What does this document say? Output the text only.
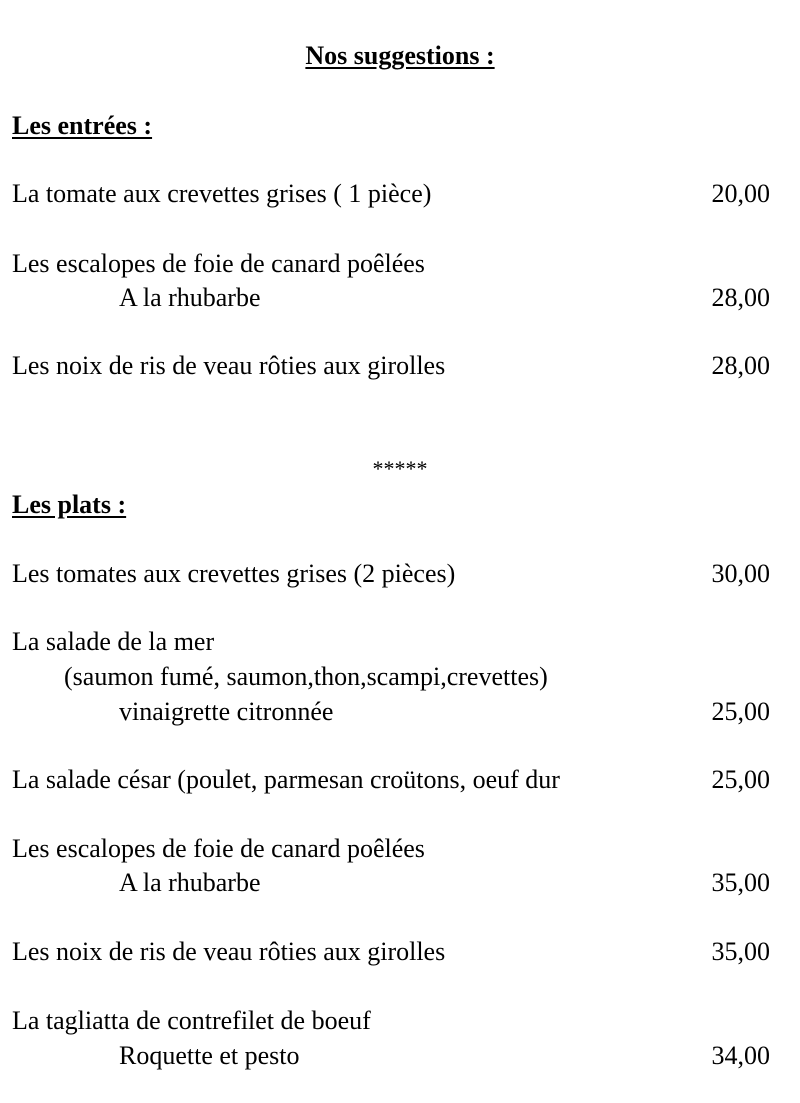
Nos suggestions :
Les entrées :
La tomate aux crevettes grises ( 1 pièce)	20,00
Les escalopes de foie de canard poêlées
A la rhubarbe	28,00
Les noix de ris de veau rôties aux girolles	28,00
*****
Les plats :
Les tomates aux crevettes grises (2 pièces)	30,00
La salade de la mer
(saumon fumé, saumon,thon,scampi,crevettes)
vinaigrette citronnée	25,00
La salade césar (poulet, parmesan croütons, oeuf dur	25,00
Les escalopes de foie de canard poêlées
A la rhubarbe	35,00
Les noix de ris de veau rôties aux girolles	35,00
La tagliatta de contrefilet de boeuf
Roquette et pesto	34,00
